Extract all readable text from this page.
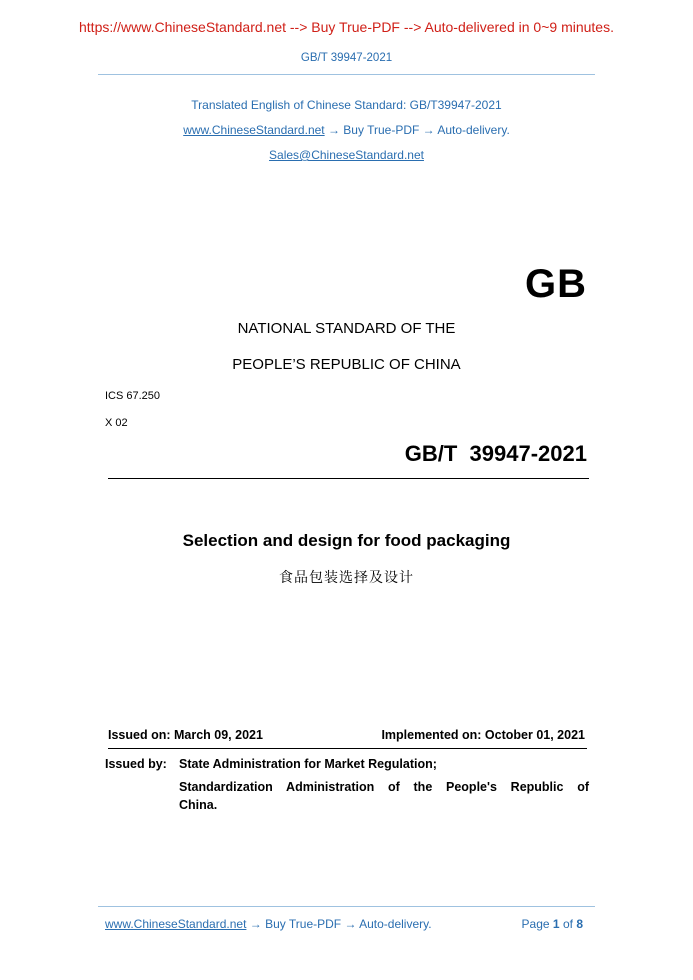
https://www.ChineseStandard.net --> Buy True-PDF --> Auto-delivered in 0~9 minutes.
GB/T 39947-2021
Translated English of Chinese Standard: GB/T39947-2021
www.ChineseStandard.net → Buy True-PDF → Auto-delivery.
Sales@ChineseStandard.net
GB
NATIONAL STANDARD OF THE
PEOPLE’S REPUBLIC OF CHINA
ICS 67.250
X 02
GB/T  39947-2021
Selection and design for food packaging
食品包装选择及设计
Issued on: March 09, 2021	Implemented on: October 01, 2021
Issued by: State Administration for Market Regulation;
Standardization Administration of the People's Republic of
China.
www.ChineseStandard.net → Buy True-PDF → Auto-delivery.	Page 1 of 8
